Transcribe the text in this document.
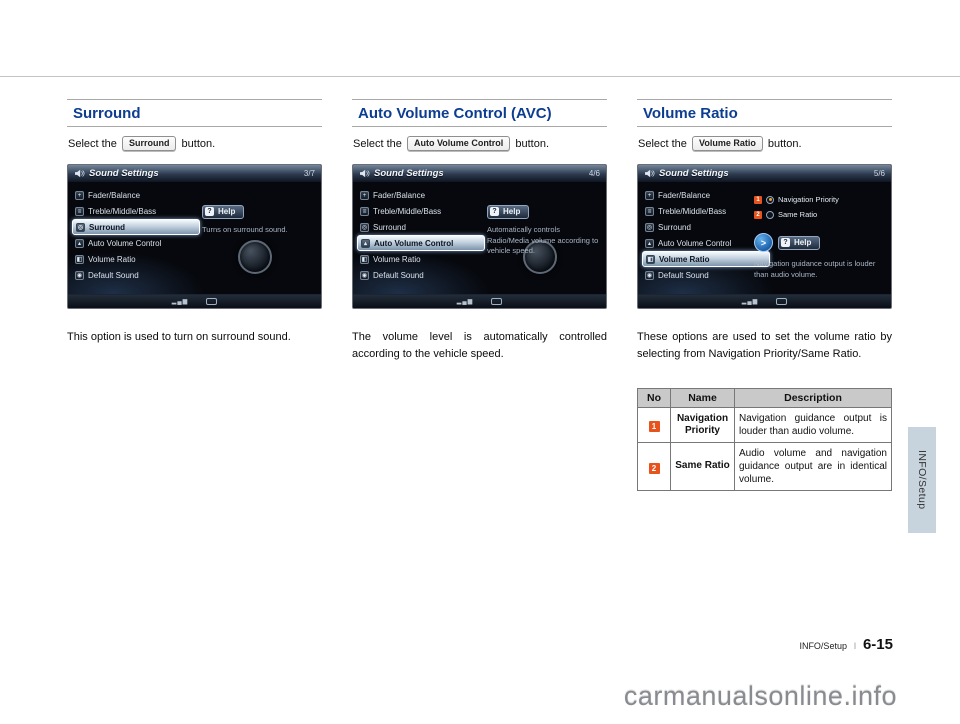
Surround

Select the Surround button.

Sound Settings	3/7
+ Fader/Balance
≡ Treble/Middle/Bass
◎ Surround
▴ Auto Volume Control
◧ Volume Ratio
◉ Default Sound
? Help

Turns on surround sound.

▂▄▆

This option is used to turn on surround sound.

Auto Volume Control (AVC)

Select the Auto Volume Control button.

Sound Settings	4/6
+ Fader/Balance
≡ Treble/Middle/Bass
◎ Surround
▴ Auto Volume Control
◧ Volume Ratio
◉ Default Sound
? Help

Automatically controls Radio/Media volume according to vehicle speed.

▂▄▆

The volume level is automatically controlled according to the vehicle speed.

Volume Ratio

Select the Volume Ratio button.

Sound Settings	5/6
+ Fader/Balance
≡ Treble/Middle/Bass
◎ Surround
▴ Auto Volume Control
◧ Volume Ratio
◉ Default Sound
1	Navigation Priority
2	Same Ratio
>	? Help

Navigation guidance output is louder than audio volume.

▂▄▆

These options are used to set the volume ratio by selecting from Navigation Priority/Same Ratio.

No	Name	Description
1	Navigation Priority	Navigation guidance output is louder than audio volume.
2	Same Ratio	Audio volume and navigation guidance output are in identical volume.	INFO/Setup
INFO/Setup l 6-15
carmanualsonline.info
